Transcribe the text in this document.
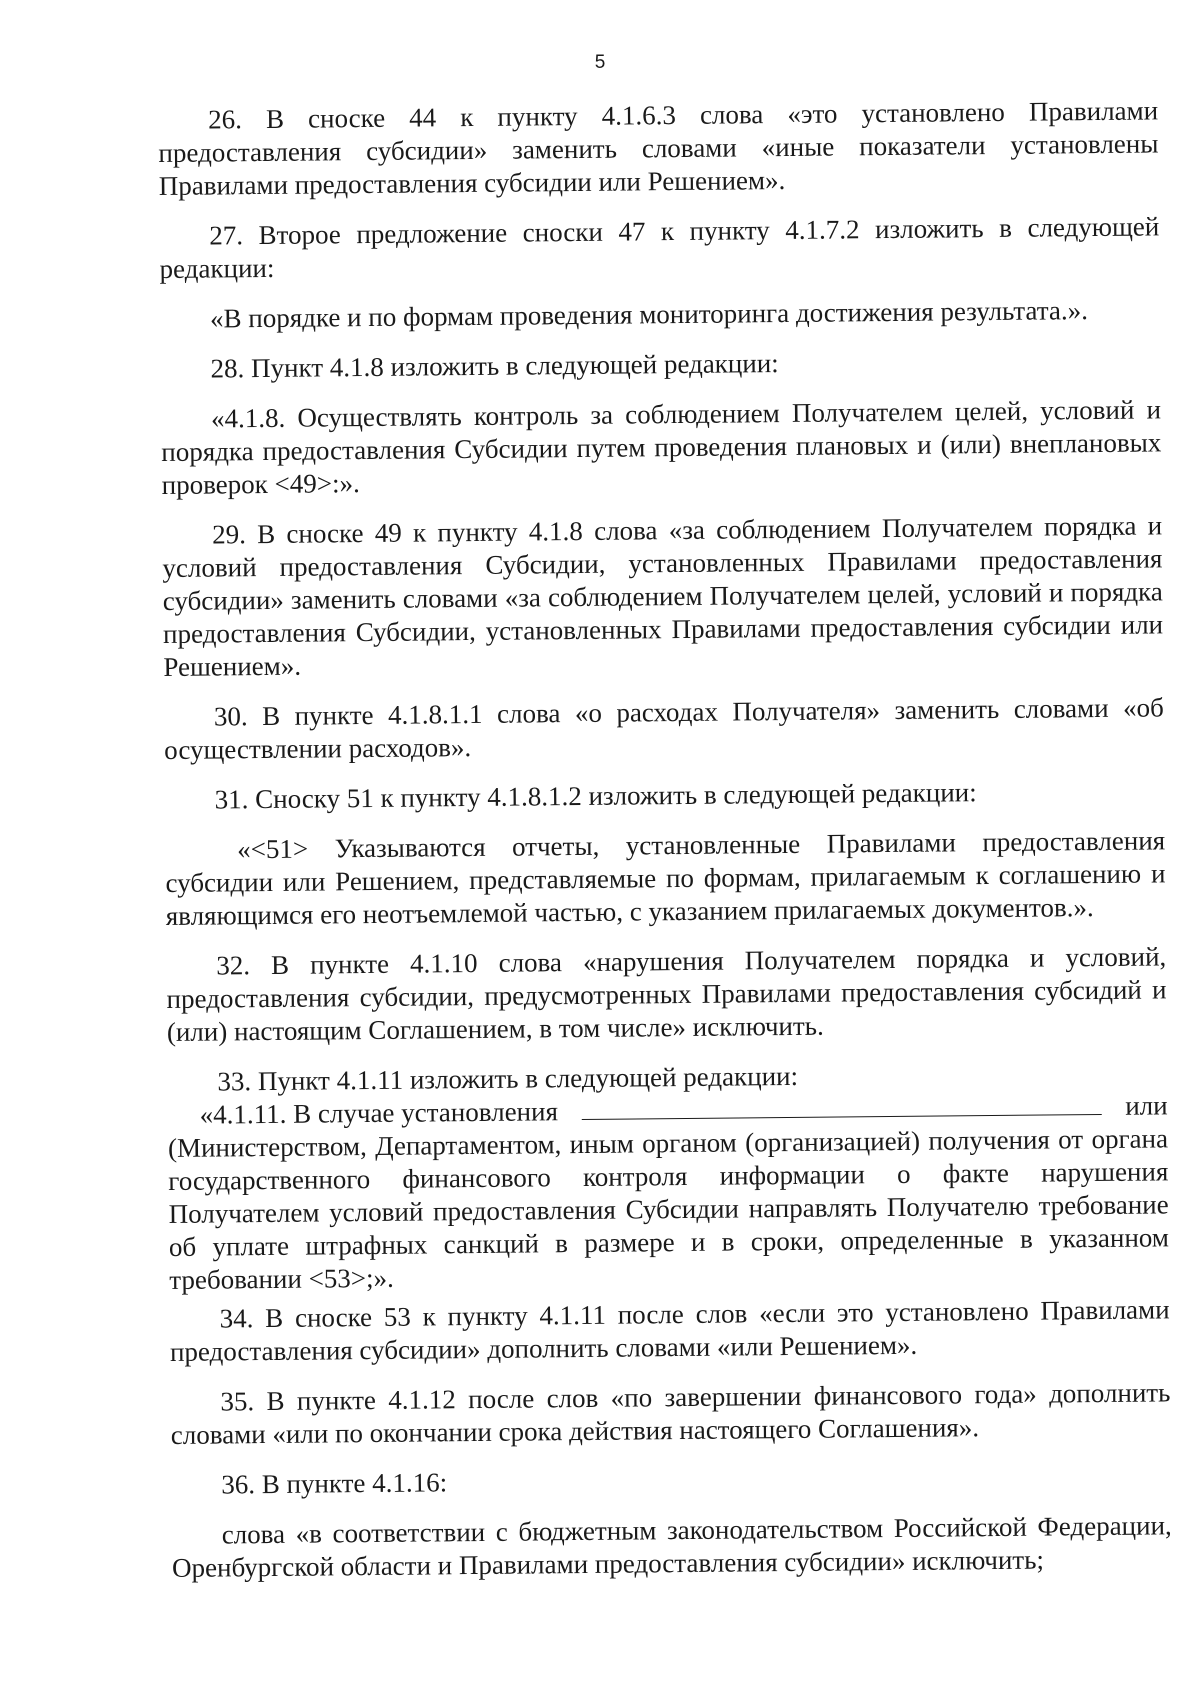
5

26. В сноске 44 к пункту 4.1.6.3 слова «это установлено Правилами предоставления субсидии» заменить словами «иные показатели установлены Правилами предоставления субсидии или Решением».

27. Второе предложение сноски 47 к пункту 4.1.7.2 изложить в следующей редакции:

«В порядке и по формам проведения мониторинга достижения результата.».

28. Пункт 4.1.8 изложить в следующей редакции:

«4.1.8. Осуществлять контроль за соблюдением Получателем целей, условий и порядка предоставления Субсидии путем проведения плановых и (или) внеплановых проверок <49>:».

29. В сноске 49 к пункту 4.1.8 слова «за соблюдением Получателем порядка и условий предоставления Субсидии, установленных Правилами предоставления субсидии» заменить словами «за соблюдением Получателем целей, условий и порядка предоставления Субсидии, установленных Правилами предоставления субсидии или Решением».

30. В пункте 4.1.8.1.1 слова «о расходах Получателя» заменить словами «об осуществлении расходов».

31. Сноску 51 к пункту 4.1.8.1.2 изложить в следующей редакции:

«<51> Указываются отчеты, установленные Правилами предоставления субсидии или Решением, представляемые по формам, прилагаемым к соглашению и являющимся его неотъемлемой частью, с указанием прилагаемых документов.».

32. В пункте 4.1.10 слова «нарушения Получателем порядка и условий, предоставления субсидии, предусмотренных Правилами предоставления субсидий и (или) настоящим Соглашением, в том числе» исключить.

33. Пункт 4.1.11 изложить в следующей редакции:

«4.1.11. В случае установления	или

(Министерством, Департаментом, иным органом (организацией) получения от органа государственного финансового контроля информации о факте нарушения Получателем условий предоставления Субсидии направлять Получателю требование об уплате штрафных санкций в размере и в сроки, определенные в указанном требовании <53>;».

34. В сноске 53 к пункту 4.1.11 после слов «если это установлено Правилами предоставления субсидии» дополнить словами «или Решением».

35. В пункте 4.1.12 после слов «по завершении финансового года» дополнить словами «или по окончании срока действия настоящего Соглашения».

36. В пункте 4.1.16:

слова «в соответствии с бюджетным законодательством Российской Федерации, Оренбургской области и Правилами предоставления субсидии» исключить;
